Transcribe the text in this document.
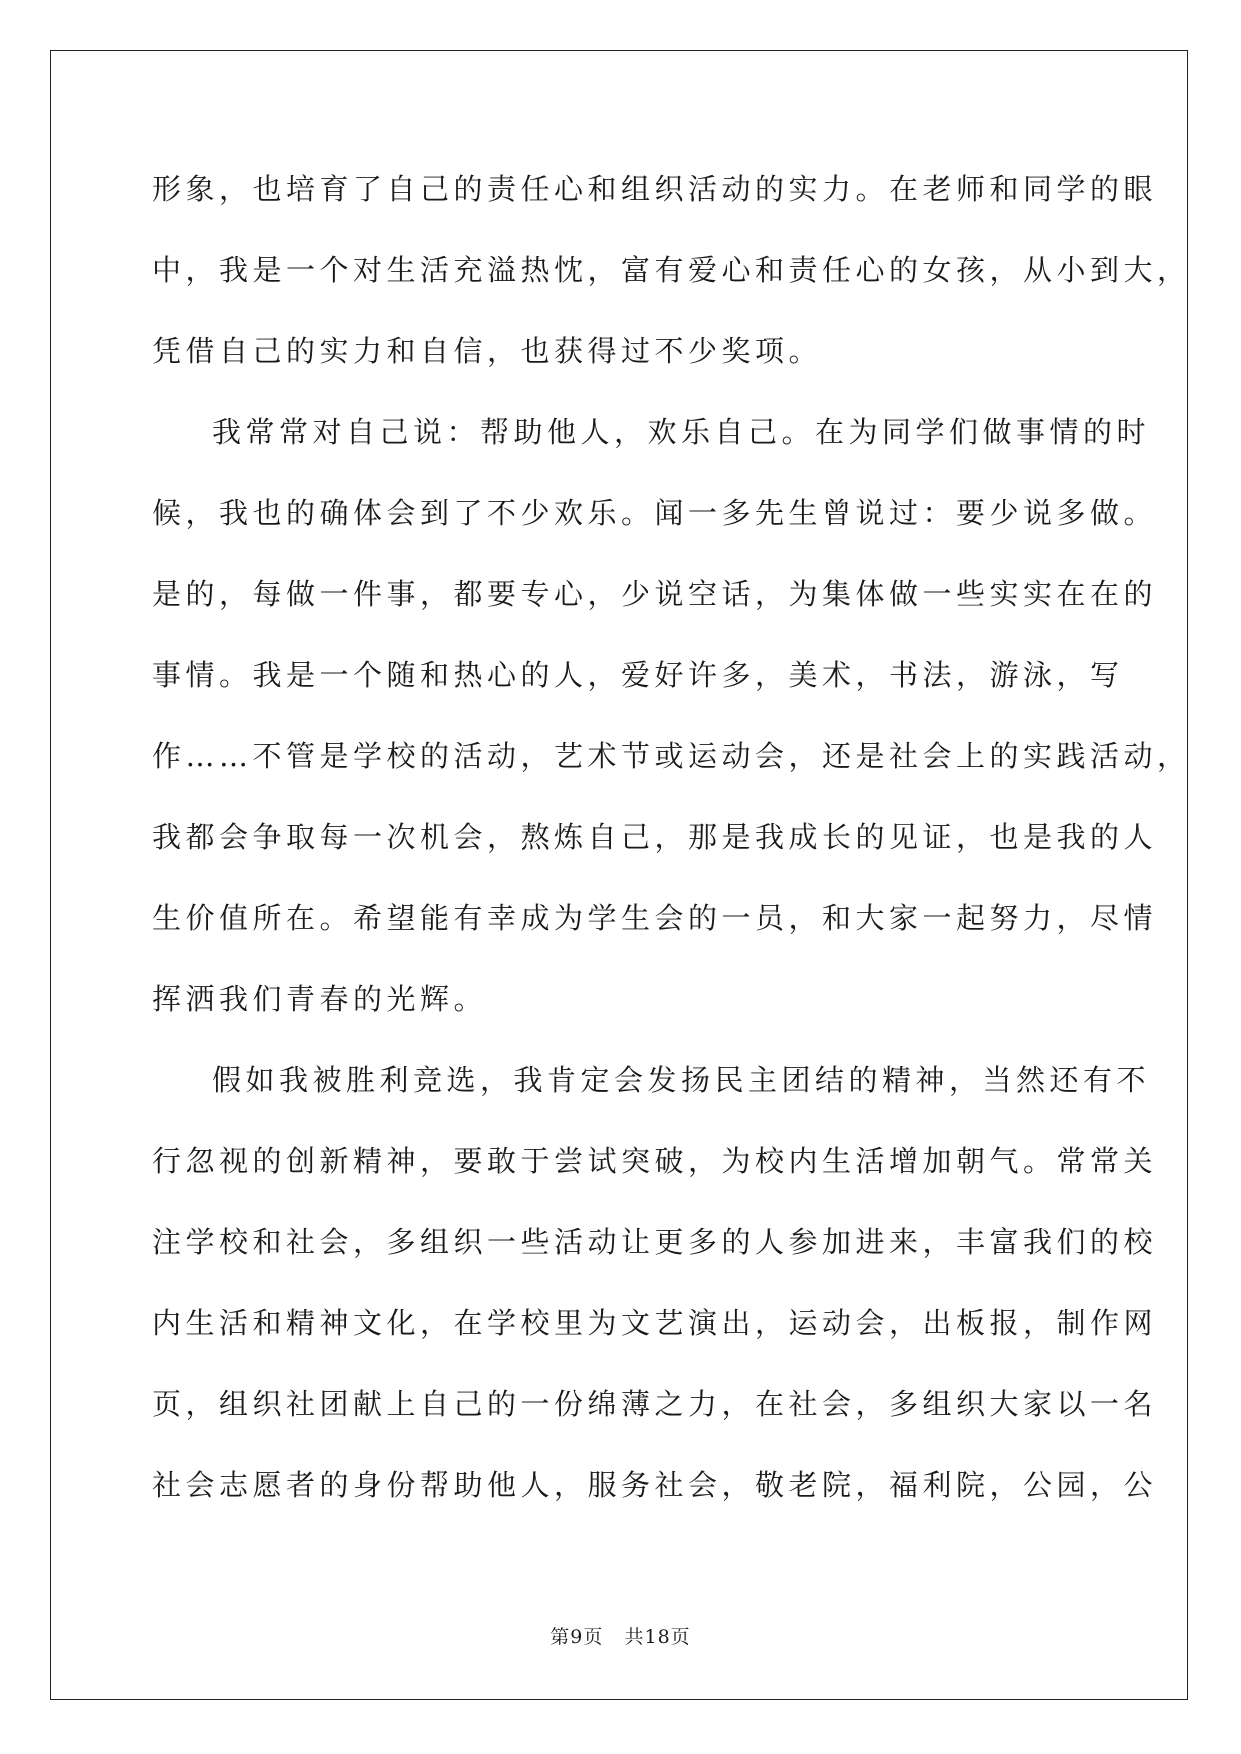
形象，也培育了自己的责任心和组织活动的实力。在老师和同学的眼
中，我是一个对生活充溢热忱，富有爱心和责任心的女孩，从小到大，
凭借自己的实力和自信，也获得过不少奖项。
我常常对自己说：帮助他人，欢乐自己。在为同学们做事情的时
候，我也的确体会到了不少欢乐。闻一多先生曾说过：要少说多做。
是的，每做一件事，都要专心，少说空话，为集体做一些实实在在的
事情。我是一个随和热心的人，爱好许多，美术，书法，游泳，写
作……不管是学校的活动，艺术节或运动会，还是社会上的实践活动，
我都会争取每一次机会，熬炼自己，那是我成长的见证，也是我的人
生价值所在。希望能有幸成为学生会的一员，和大家一起努力，尽情
挥洒我们青春的光辉。
假如我被胜利竞选，我肯定会发扬民主团结的精神，当然还有不
行忽视的创新精神，要敢于尝试突破，为校内生活增加朝气。常常关
注学校和社会，多组织一些活动让更多的人参加进来，丰富我们的校
内生活和精神文化，在学校里为文艺演出，运动会，出板报，制作网
页，组织社团献上自己的一份绵薄之力，在社会，多组织大家以一名
社会志愿者的身份帮助他人，服务社会，敬老院，福利院，公园，公
第9页   共18页
